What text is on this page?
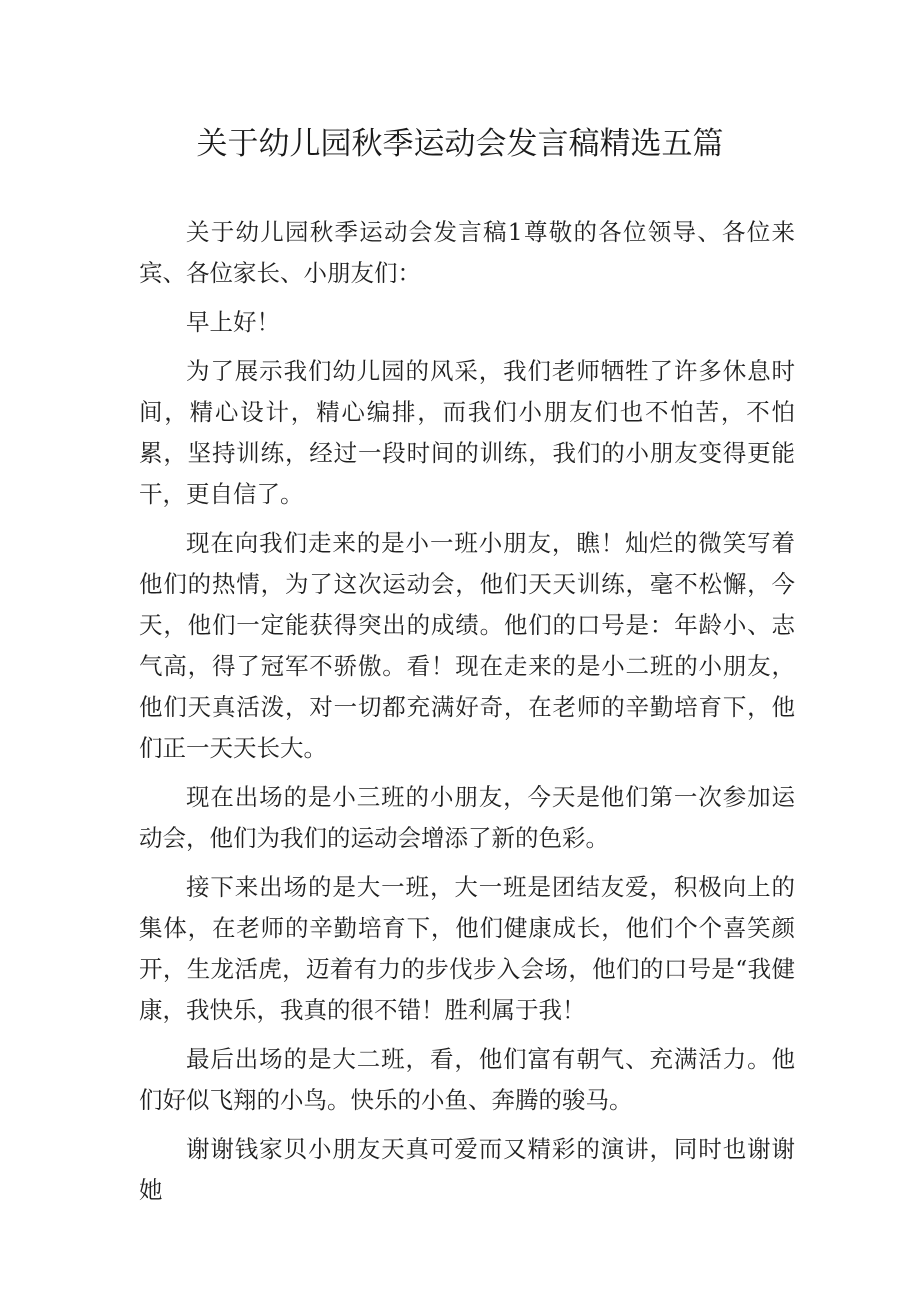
关于幼儿园秋季运动会发言稿精选五篇

关于幼儿园秋季运动会发言稿1尊敬的各位领导、各位来宾、各位家长、小朋友们：

早上好！

为了展示我们幼儿园的风采，我们老师牺牲了许多休息时间，精心设计，精心编排，而我们小朋友们也不怕苦，不怕累，坚持训练，经过一段时间的训练，我们的小朋友变得更能干，更自信了。

现在向我们走来的是小一班小朋友，瞧！灿烂的微笑写着他们的热情，为了这次运动会，他们天天训练，毫不松懈，今天，他们一定能获得突出的成绩。他们的口号是：年龄小、志气高，得了冠军不骄傲。看！现在走来的是小二班的小朋友，他们天真活泼，对一切都充满好奇，在老师的辛勤培育下，他们正一天天长大。

现在出场的是小三班的小朋友，今天是他们第一次参加运动会，他们为我们的运动会增添了新的色彩。

接下来出场的是大一班，大一班是团结友爱，积极向上的集体，在老师的辛勤培育下，他们健康成长，他们个个喜笑颜开，生龙活虎，迈着有力的步伐步入会场，他们的口号是“我健康，我快乐，我真的很不错！胜利属于我！

最后出场的是大二班，看，他们富有朝气、充满活力。他们好似飞翔的小鸟。快乐的小鱼、奔腾的骏马。

谢谢钱家贝小朋友天真可爱而又精彩的演讲，同时也谢谢她
